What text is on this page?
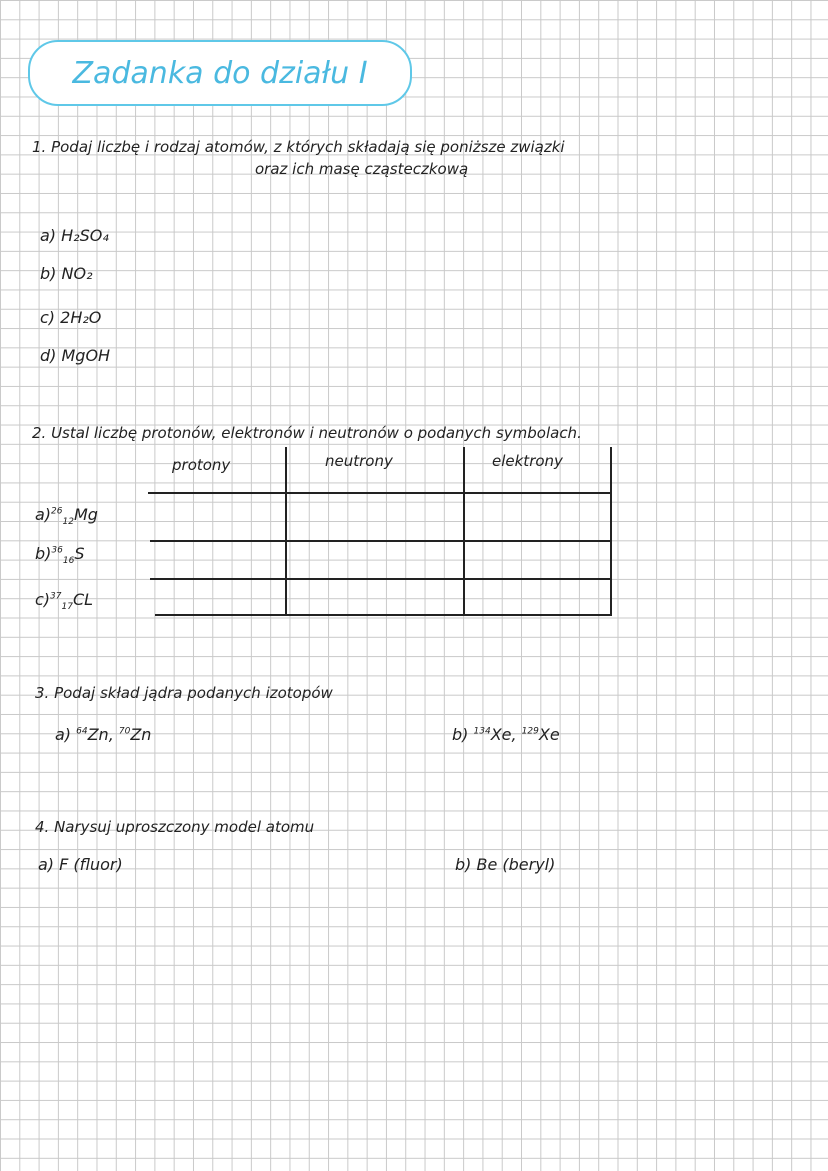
Zadanka do działu I
1. Podaj liczbę i rodzaj atomów, z których składają się poniższe związki
oraz ich masę cząsteczkową
a) H₂SO₄
b) NO₂
c) 2H₂O
d) MgOH
2. Ustal liczbę protonów, elektronów i neutronów o podanych symbolach.
protony	neutrony	elektrony
a)$^{26}_{12}$Mg
b)$^{36}_{16}$S
c)$^{37}_{17}$CL
3. Podaj skład jądra podanych izotopów
a) $^{64}$Zn, $^{70}$Zn	b) $^{134}$Xe, $^{129}$Xe
4. Narysuj uproszczony model atomu
a) F (fluor)	b) Be (beryl)
